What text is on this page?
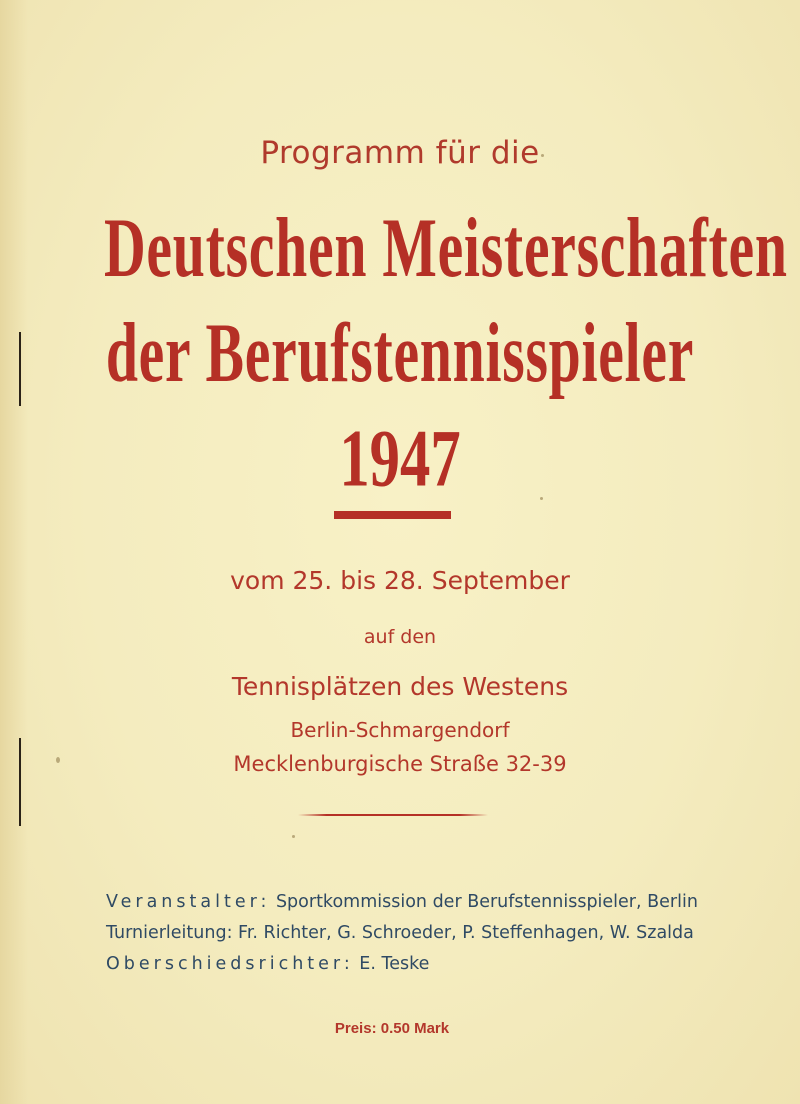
Programm für die
Deutschen Meisterschaften
der Berufstennisspieler
1947
vom 25. bis 28. September
auf den
Tennisplätzen des Westens
Berlin-Schmargendorf
Mecklenburgische Straße 32-39
Veranstalter: Sportkommission der Berufstennisspieler, Berlin
Turnierleitung: Fr. Richter, G. Schroeder, P. Steffenhagen, W. Szalda
Oberschiedsrichter: E. Teske
Preis: 0.50 Mark
